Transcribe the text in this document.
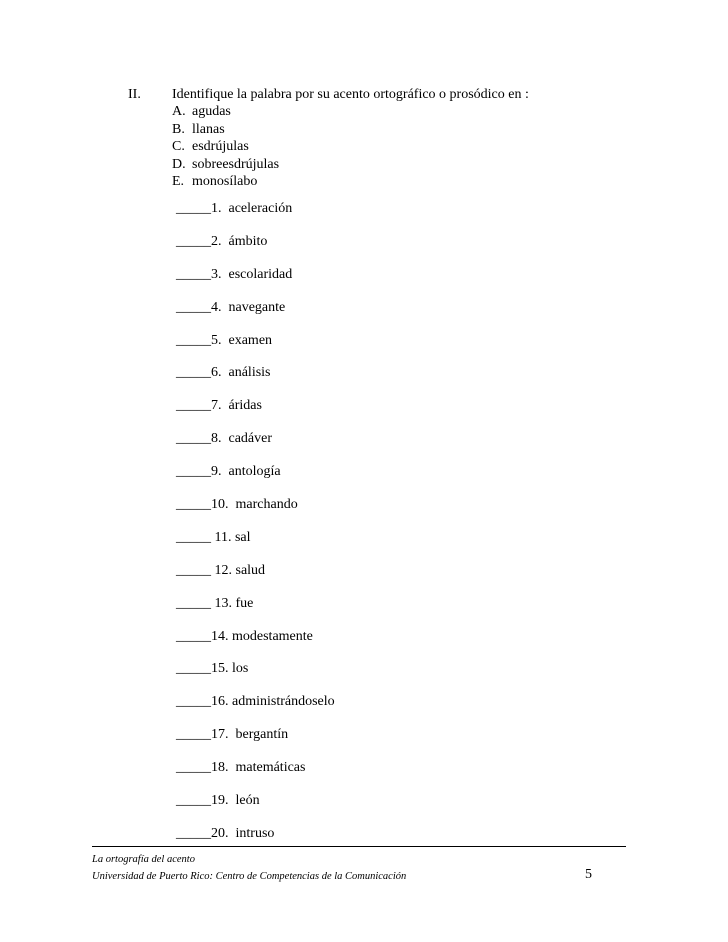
II. Identifique la palabra por su acento ortográfico o prosódico en :
A. agudas
B. llanas
C. esdrújulas
D. sobreesdrújulas
E. monosílabo
_____1.  aceleración
_____2.  ámbito
_____3.  escolaridad
_____4.  navegante
_____5.  examen
_____6.  análisis
_____7.  áridas
_____8.  cadáver
_____9.  antología
_____10.  marchando
_____ 11. sal
_____ 12. salud
_____ 13. fue
_____14. modestamente
_____15. los
_____16. administrándoselo
_____17.  bergantín
_____18.  matemáticas
_____19.  león
_____20.  intruso
La ortografía del acento
Universidad de Puerto Rico: Centro de Competencias de la Comunicación	5
